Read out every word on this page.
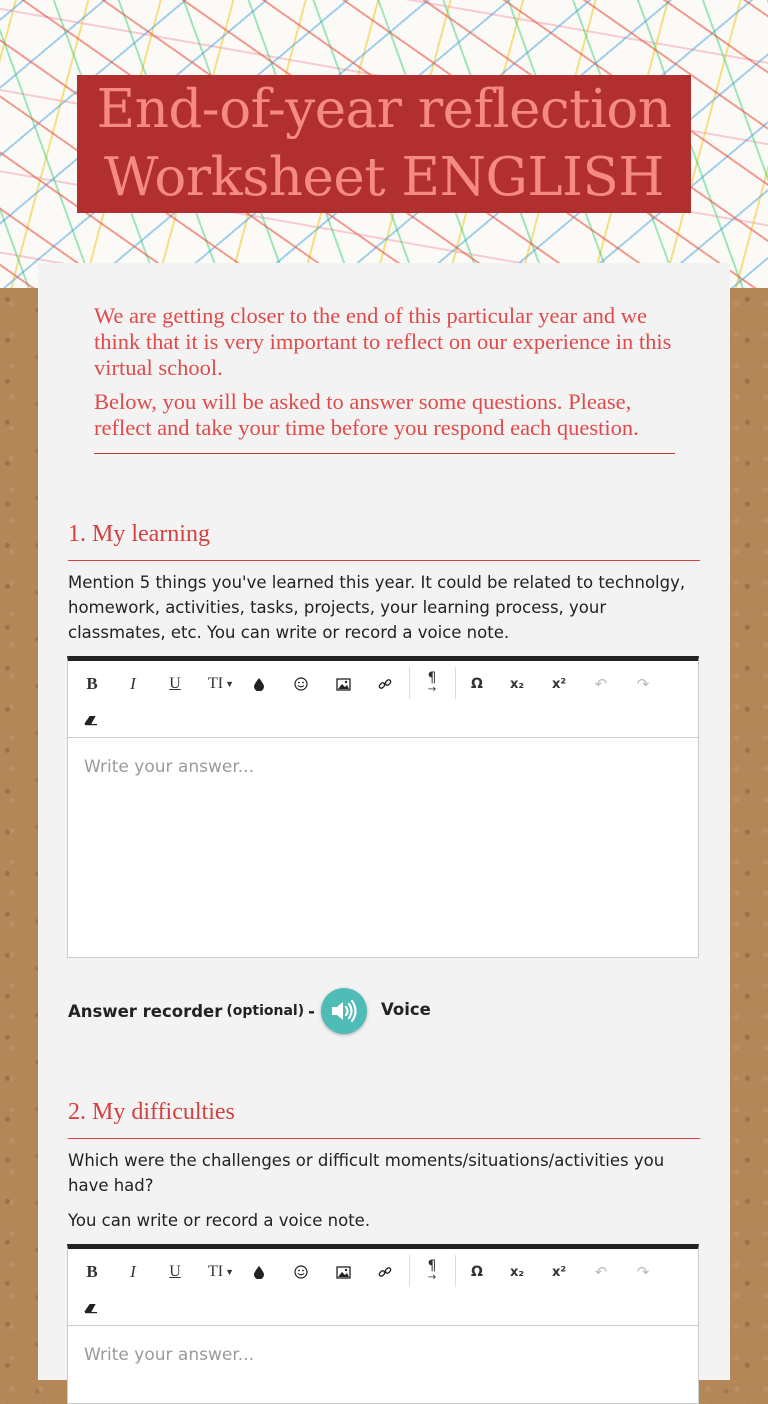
End-of-year reflection
Worksheet ENGLISH

We are getting closer to the end of this particular year and we think that it is very important to reflect on our experience in this virtual school.

Below, you will be asked to answer some questions. Please, reflect and take your time before you respond each question.

1. My learning
Mention 5 things you've learned this year. It could be related to technolgy, homework, activities, tasks, projects, your learning process, your classmates, etc. You can write or record a voice note.
B	I	U	TI ▼	¶
→	Ω	x₂	x²	↶	↷
Write your answer...
Answer recorder (optional) -	Voice
2. My difficulties
Which were the challenges or difficult moments/situations/activities you have had?
You can write or record a voice note.
B	I	U	TI ▼	¶
→	Ω	x₂	x²	↶	↷
Write your answer...
